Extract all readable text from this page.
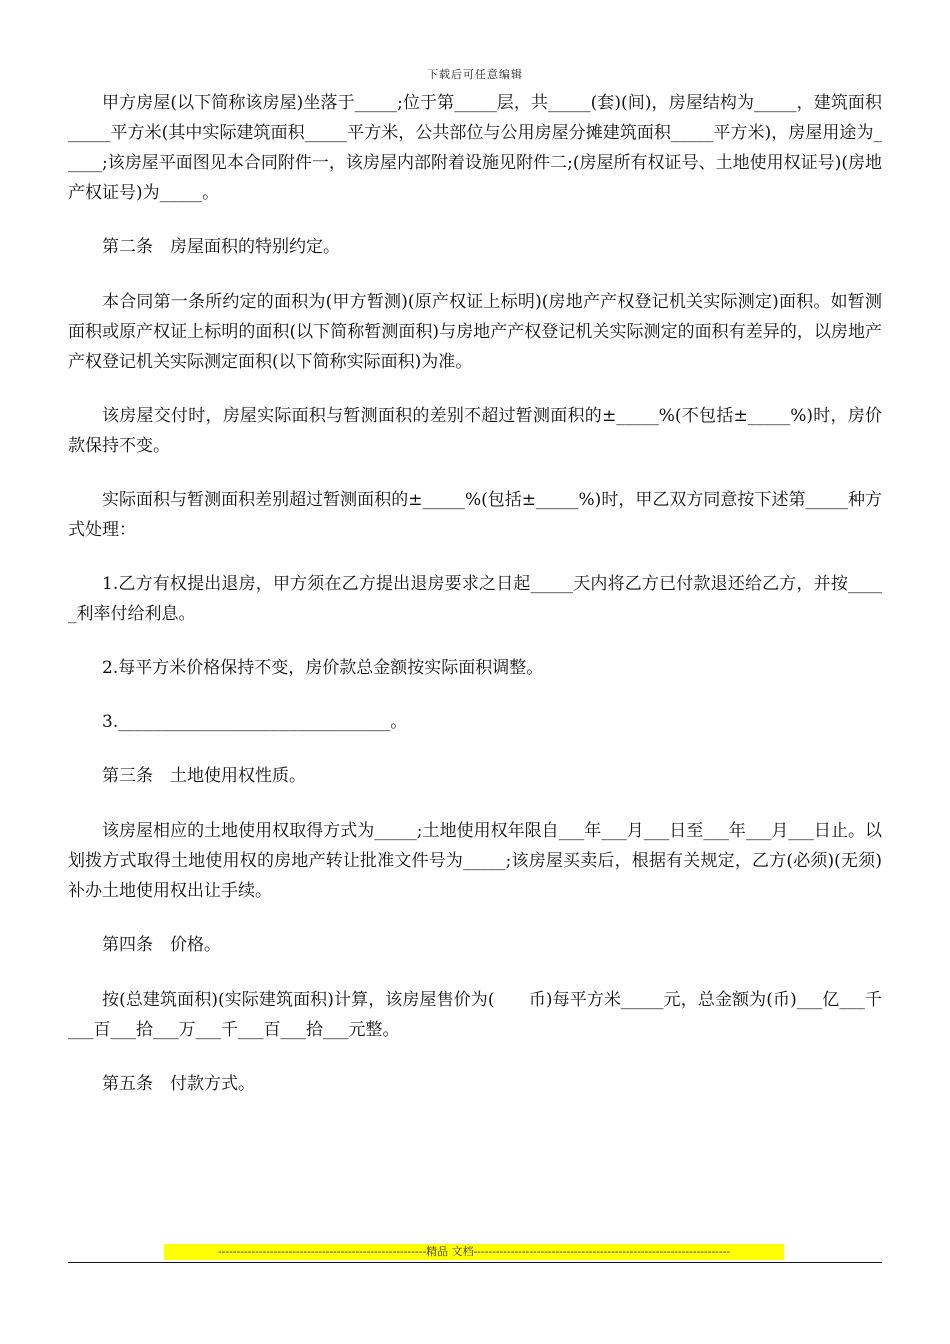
下载后可任意编辑

甲方房屋(以下简称该房屋)坐落于_____;位于第_____层，共_____(套)(间)，房屋结构为_____，建筑面积_____平方米(其中实际建筑面积_____平方米，公共部位与公用房屋分摊建筑面积_____平方米)，房屋用途为_____;该房屋平面图见本合同附件一，该房屋内部附着设施见附件二;(房屋所有权证号、土地使用权证号)(房地产权证号)为_____。

第二条　房屋面积的特别约定。

本合同第一条所约定的面积为(甲方暂测)(原产权证上标明)(房地产产权登记机关实际测定)面积。如暂测面积或原产权证上标明的面积(以下简称暂测面积)与房地产产权登记机关实际测定的面积有差异的，以房地产产权登记机关实际测定面积(以下简称实际面积)为准。

该房屋交付时，房屋实际面积与暂测面积的差别不超过暂测面积的±_____%(不包括±_____%)时，房价款保持不变。

实际面积与暂测面积差别超过暂测面积的±_____%(包括±_____%)时，甲乙双方同意按下述第_____种方式处理：

1.乙方有权提出退房，甲方须在乙方提出退房要求之日起_____天内将乙方已付款退还给乙方，并按_____利率付给利息。

2.每平方米价格保持不变，房价款总金额按实际面积调整。

3.________________________________。

第三条　土地使用权性质。

该房屋相应的土地使用权取得方式为_____;土地使用权年限自___年___月___日至___年___月___日止。以划拨方式取得土地使用权的房地产转让批准文件号为_____;该房屋买卖后，根据有关规定，乙方(必须)(无须)补办土地使用权出让手续。

第四条　价格。

按(总建筑面积)(实际建筑面积)计算，该房屋售价为(　　币)每平方米_____元，总金额为(币)___亿___千___百___拾___万___千___百___拾___元整。

第五条　付款方式。

--------------------------------------------------------精品 文档---------------------------------------------------------------------
